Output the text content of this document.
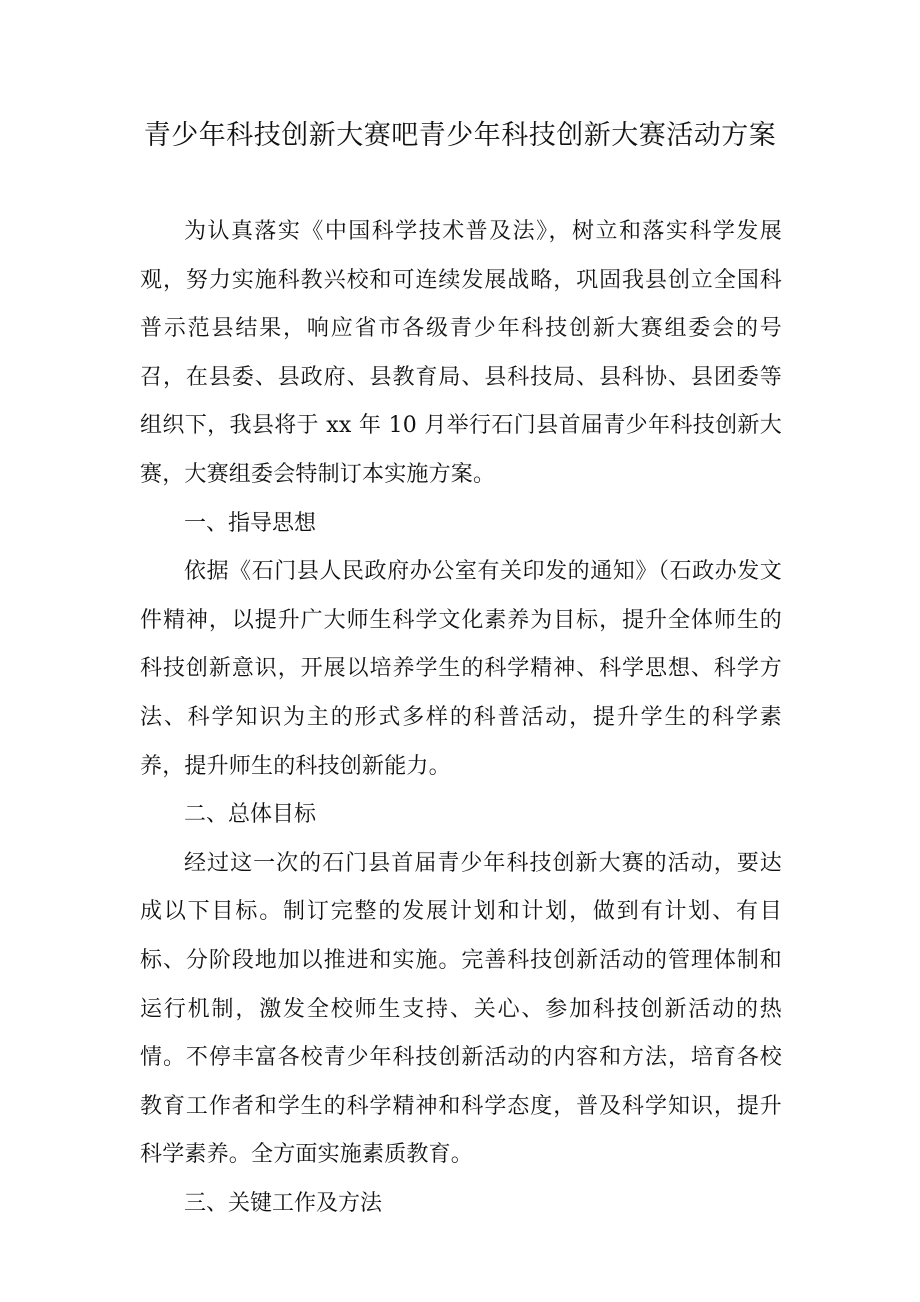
青少年科技创新大赛吧青少年科技创新大赛活动方案

为认真落实《中国科学技术普及法》，树立和落实科学发展观，努力实施科教兴校和可连续发展战略，巩固我县创立全国科普示范县结果，响应省市各级青少年科技创新大赛组委会的号召，在县委、县政府、县教育局、县科技局、县科协、县团委等组织下，我县将于 xx 年 10 月举行石门县首届青少年科技创新大赛，大赛组委会特制订本实施方案。

一、指导思想

依据《石门县人民政府办公室有关印发的通知》（石政办发文件精神，以提升广大师生科学文化素养为目标，提升全体师生的科技创新意识，开展以培养学生的科学精神、科学思想、科学方法、科学知识为主的形式多样的科普活动，提升学生的科学素养，提升师生的科技创新能力。

二、总体目标

经过这一次的石门县首届青少年科技创新大赛的活动，要达成以下目标。制订完整的发展计划和计划，做到有计划、有目标、分阶段地加以推进和实施。完善科技创新活动的管理体制和运行机制，激发全校师生支持、关心、参加科技创新活动的热情。不停丰富各校青少年科技创新活动的内容和方法，培育各校教育工作者和学生的科学精神和科学态度，普及科学知识，提升科学素养。全方面实施素质教育。

三、关键工作及方法
